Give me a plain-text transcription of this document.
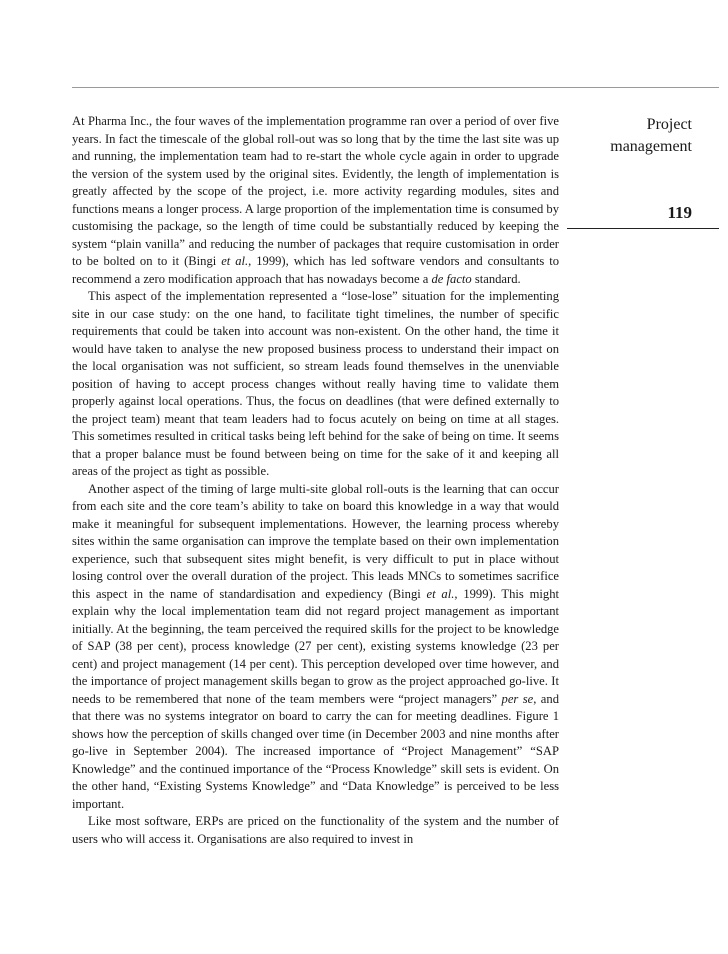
Project
management
119

At Pharma Inc., the four waves of the implementation programme ran over a period of over five years. In fact the timescale of the global roll-out was so long that by the time the last site was up and running, the implementation team had to re-start the whole cycle again in order to upgrade the version of the system used by the original sites. Evidently, the length of implementation is greatly affected by the scope of the project, i.e. more activity regarding modules, sites and functions means a longer process. A large proportion of the implementation time is consumed by customising the package, so the length of time could be substantially reduced by keeping the system “plain vanilla” and reducing the number of packages that require customisation in order to be bolted on to it (Bingi et al., 1999), which has led software vendors and consultants to recommend a zero modification approach that has nowadays become a de facto standard.

This aspect of the implementation represented a “lose-lose” situation for the implementing site in our case study: on the one hand, to facilitate tight timelines, the number of specific requirements that could be taken into account was non-existent. On the other hand, the time it would have taken to analyse the new proposed business process to understand their impact on the local organisation was not sufficient, so stream leads found themselves in the unenviable position of having to accept process changes without really having time to validate them properly against local operations. Thus, the focus on deadlines (that were defined externally to the project team) meant that team leaders had to focus acutely on being on time at all stages. This sometimes resulted in critical tasks being left behind for the sake of being on time. It seems that a proper balance must be found between being on time for the sake of it and keeping all areas of the project as tight as possible.

Another aspect of the timing of large multi-site global roll-outs is the learning that can occur from each site and the core team’s ability to take on board this knowledge in a way that would make it meaningful for subsequent implementations. However, the learning process whereby sites within the same organisation can improve the template based on their own implementation experience, such that subsequent sites might benefit, is very difficult to put in place without losing control over the overall duration of the project. This leads MNCs to sometimes sacrifice this aspect in the name of standardisation and expediency (Bingi et al., 1999). This might explain why the local implementation team did not regard project management as important initially. At the beginning, the team perceived the required skills for the project to be knowledge of SAP (38 per cent), process knowledge (27 per cent), existing systems knowledge (23 per cent) and project management (14 per cent). This perception developed over time however, and the importance of project management skills began to grow as the project approached go-live. It needs to be remembered that none of the team members were “project managers” per se, and that there was no systems integrator on board to carry the can for meeting deadlines. Figure 1 shows how the perception of skills changed over time (in December 2003 and nine months after go-live in September 2004). The increased importance of “Project Management” “SAP Knowledge” and the continued importance of the “Process Knowledge” skill sets is evident. On the other hand, “Existing Systems Knowledge” and “Data Knowledge” is perceived to be less important.

Like most software, ERPs are priced on the functionality of the system and the number of users who will access it. Organisations are also required to invest in
